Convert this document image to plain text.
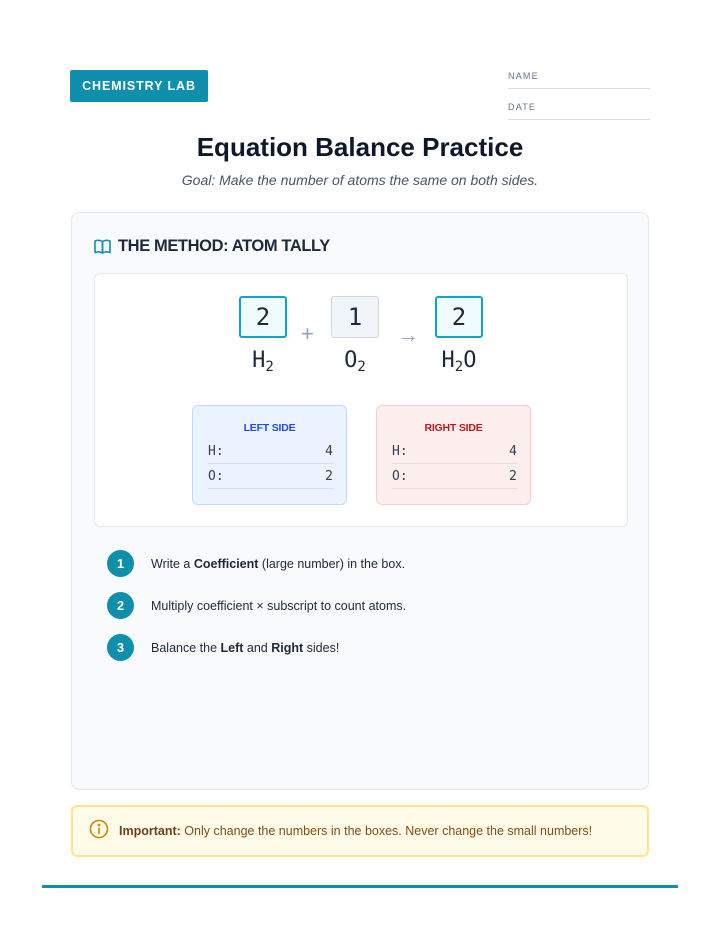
CHEMISTRY LAB
NAME
DATE
Equation Balance Practice

Goal: Make the number of atoms the same on both sides.

THE METHOD: ATOM TALLY
2
+
1
→
2
$H_2$	$O_2$	$H_2O$
LEFT SIDE
H:	4
O:	2
RIGHT SIDE
H:	4
O:	2
1	Write a Coefficient (large number) in the box.
2	Multiply coefficient × subscript to count atoms.
3	Balance the Left and Right sides!
Important: Only change the numbers in the boxes. Never change the small numbers!
